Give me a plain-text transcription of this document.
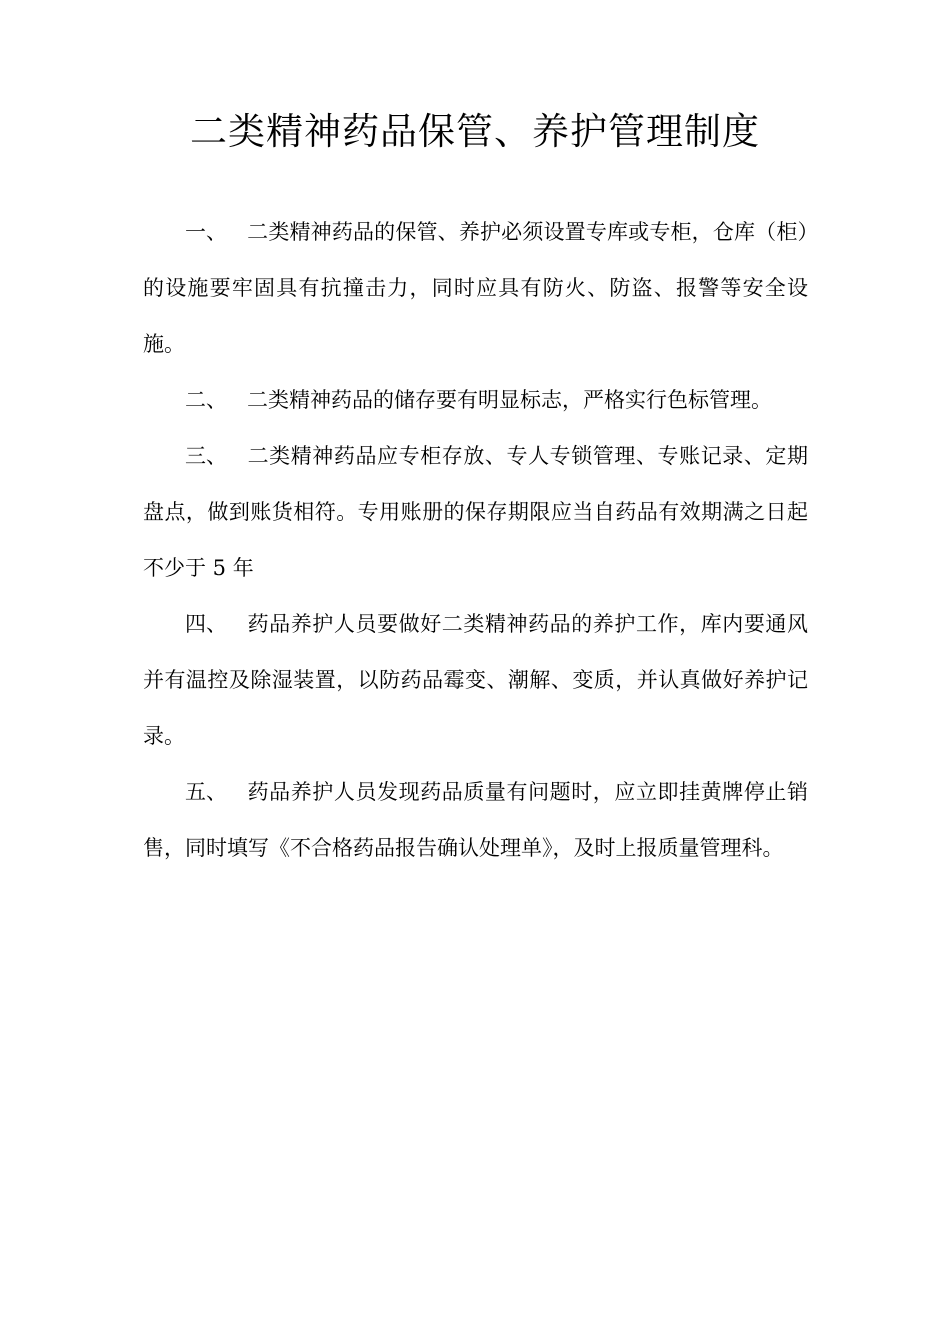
二类精神药品保管、养护管理制度

一、 二类精神药品的保管、养护必须设置专库或专柜，仓库（柜）的设施要牢固具有抗撞击力，同时应具有防火、防盗、报警等安全设施。

二、 二类精神药品的储存要有明显标志，严格实行色标管理。

三、 二类精神药品应专柜存放、专人专锁管理、专账记录、定期盘点，做到账货相符。专用账册的保存期限应当自药品有效期满之日起不少于 5 年

四、 药品养护人员要做好二类精神药品的养护工作，库内要通风并有温控及除湿装置，以防药品霉变、潮解、变质，并认真做好养护记录。

五、 药品养护人员发现药品质量有问题时，应立即挂黄牌停止销售，同时填写《不合格药品报告确认处理单》，及时上报质量管理科。
